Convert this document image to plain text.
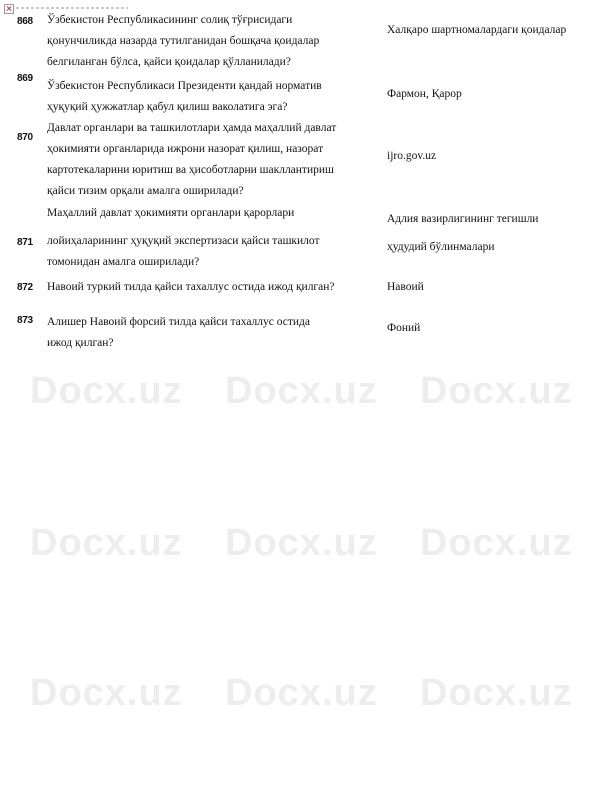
Docx.uz Docx.uz Docx.uz
Docx.uz Docx.uz Docx.uz
Docx.uz Docx.uz Docx.uz
868 Ўзбекистон Республикасининг солиқ тўғрисидаги
қонунчиликда назарда тутилганидан бошқача қоидалар
белгиланган бўлса, қайси қоидалар қўлланилади?
Халқаро шартномалардаги қоидалар
869
Ўзбекистон Республикаси Президенти қандай норматив
ҳуқуқий ҳужжатлар қабул қилиш ваколатига эга?
Фармон, Қарор
870
Давлат органлари ва ташкилотлари ҳамда маҳаллий давлат
ҳокимияти органларида ижрони назорат қилиш, назорат
картотекаларини юритиш ва ҳисоботларни шакллантириш
қайси тизим орқали амалга оширилади?
ijro.gov.uz
871
Маҳаллий давлат ҳокимияти органлари қарорлари
лойиҳаларининг ҳуқуқий экспертизаси қайси ташкилот
томонидан амалга оширилади?
Адлия вазирлигининг тегишли
ҳудудий бўлинмалари
872 Навоий туркий тилда қайси тахаллус остида ижод қилган?	Навоий
873 Алишер Навоий форсий тилда қайси тахаллус остида
ижод қилган?
Фоний
